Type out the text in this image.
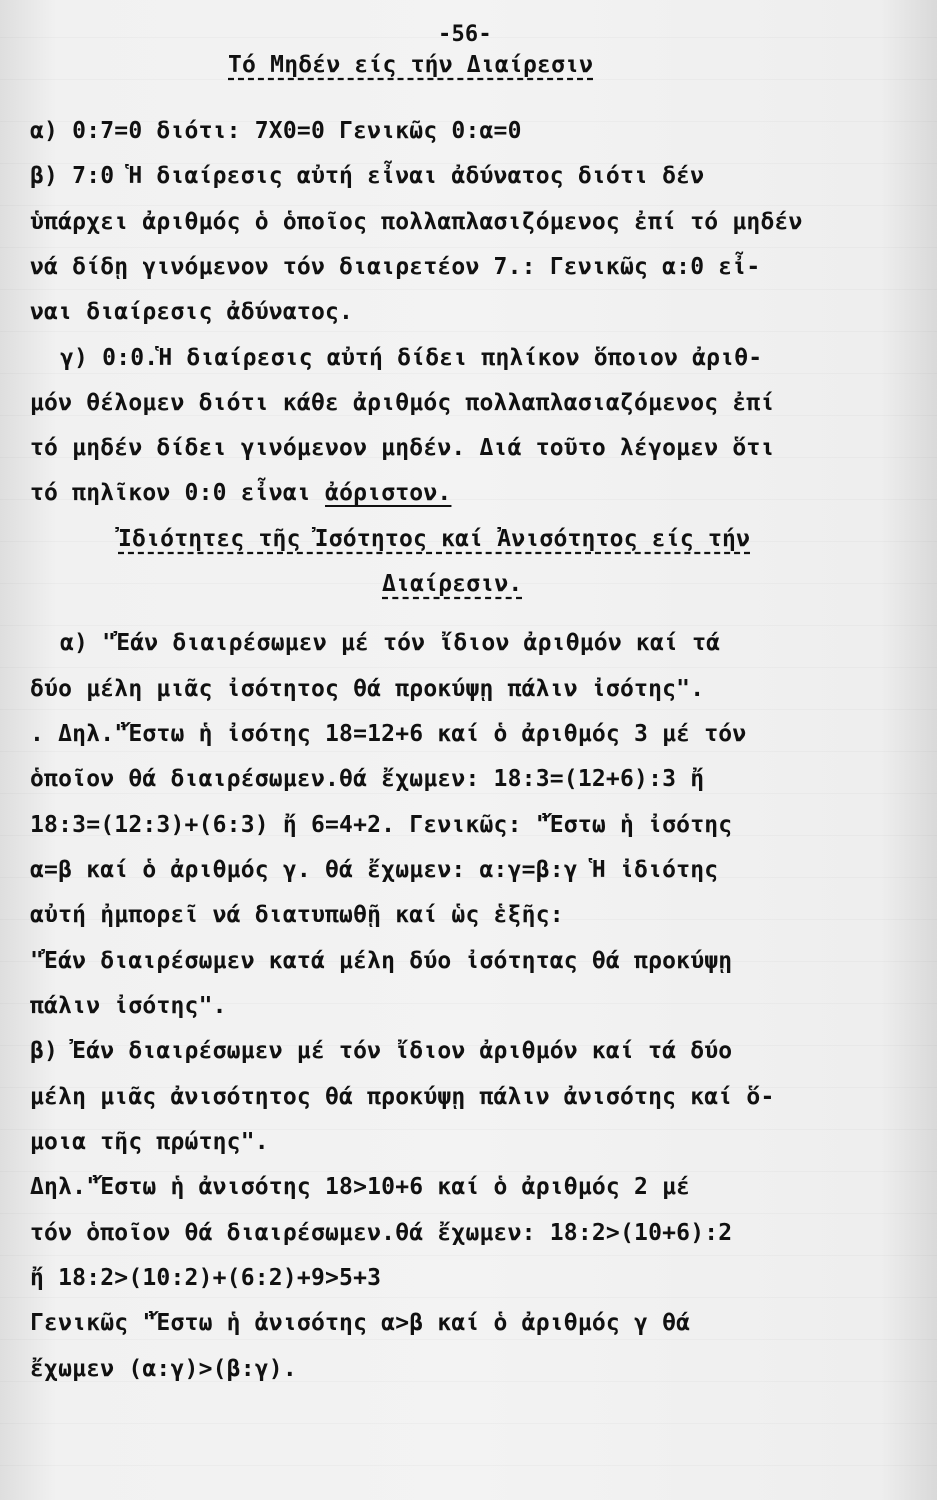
-56-
Τό Μηδέν είς τήν Διαίρεσιν
α) 0:7=0 διότι: 7Χ0=0 Γενικῶς 0:α=0
β) 7:0 Ἡ διαίρεσις αὐτή εἶναι ἀδύνατος διότι δέν
ὑπάρχει ἀριθμός ὁ ὁποῖος πολλαπλασιζόμενος ἐπί τό μηδέν
νά δίδῃ γινόμενον τόν διαιρετέον 7.: Γενικῶς α:0 εἶ-
ναι διαίρεσις ἀδύνατος.
γ) 0:0.Ἡ διαίρεσις αὐτή δίδει πηλίκον ὅποιον ἀριθ-
μόν θέλομεν διότι κάθε ἀριθμός πολλαπλασιαζόμενος ἐπί
τό μηδέν δίδει γινόμενον μηδέν. Διά τοῦτο λέγομεν ὅτι
τό πηλῖκον 0:0 εἶναι ἀόριστον.
Ἰδιότητες τῆς Ἰσότητος καί Ἀνισότητος είς τήν
Διαίρεσιν.
α) "Ἐάν διαιρέσωμεν μέ τόν ἴδιον ἀριθμόν καί τά
δύο μέλη μιᾶς ἰσότητος θά προκύψῃ πάλιν ἰσότης".
. Δηλ."Ἔστω ἡ ἰσότης 18=12+6 καί ὁ ἀριθμός 3 μέ τόν
ὁποῖον θά διαιρέσωμεν.θά ἔχωμεν: 18:3=(12+6):3 ἤ
18:3=(12:3)+(6:3) ἤ 6=4+2. Γενικῶς: "Ἔστω ἡ ἰσότης
α=β καί ὁ ἀριθμός γ. θά ἔχωμεν: α:γ=β:γ Ἡ ἰδιότης
αὐτή ἠμπορεῖ νά διατυπωθῇ καί ὡς ἑξῆς:
"Ἐάν διαιρέσωμεν κατά μέλη δύο ἰσότητας θά προκύψῃ
πάλιν ἰσότης".
β) Ἐάν διαιρέσωμεν μέ τόν ἴδιον ἀριθμόν καί τά δύο
μέλη μιᾶς ἀνισότητος θά προκύψῃ πάλιν ἀνισότης καί ὅ-
μοια τῆς πρώτης".
Δηλ."Ἔστω ἡ ἀνισότης 18>10+6 καί ὁ ἀριθμός 2 μέ
τόν ὁποῖον θά διαιρέσωμεν.θά ἔχωμεν: 18:2>(10+6):2
ἤ 18:2>(10:2)+(6:2)+9>5+3
Γενικῶς "Ἔστω ἡ ἀνισότης α>β καί ὁ ἀριθμός γ θά
ἔχωμεν (α:γ)>(β:γ).
